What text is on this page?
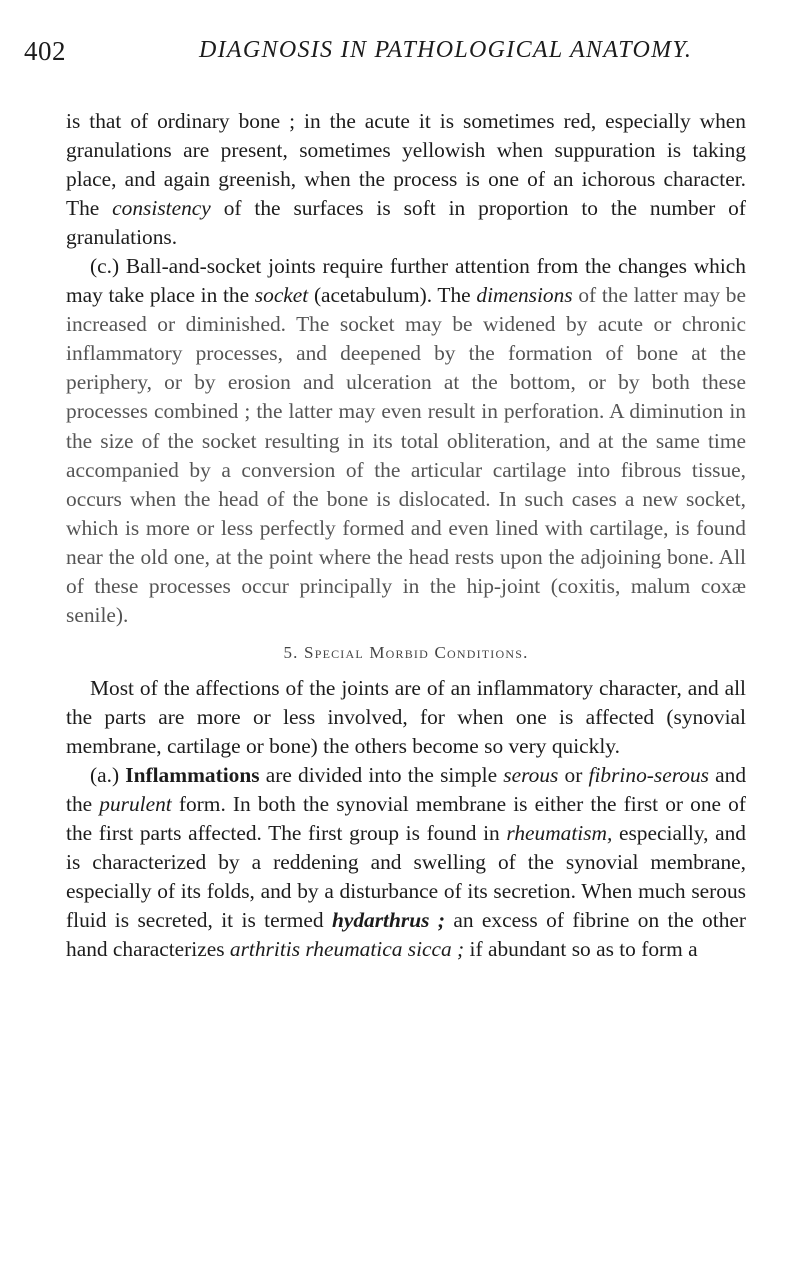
402	DIAGNOSIS IN PATHOLOGICAL ANATOMY.

is that of ordinary bone ; in the acute it is sometimes red, especially when granulations are present, sometimes yellowish when suppuration is taking place, and again greenish, when the process is one of an ichorous character. The consistency of the surfaces is soft in proportion to the number of granulations.

(c.) Ball-and-socket joints require further attention from the changes which may take place in the socket (acetabulum). The dimensions of the latter may be increased or diminished. The socket may be widened by acute or chronic inflammatory processes, and deepened by the formation of bone at the periphery, or by erosion and ulceration at the bottom, or by both these processes combined ; the latter may even result in perforation. A diminution in the size of the socket resulting in its total obliteration, and at the same time accompanied by a conversion of the articular cartilage into fibrous tissue, occurs when the head of the bone is dislocated. In such cases a new socket, which is more or less perfectly formed and even lined with cartilage, is found near the old one, at the point where the head rests upon the adjoining bone. All of these processes occur principally in the hip-joint (coxitis, malum coxæ senile).

5. Special Morbid Conditions.

Most of the affections of the joints are of an inflammatory character, and all the parts are more or less involved, for when one is affected (synovial membrane, cartilage or bone) the others become so very quickly.

(a.) Inflammations are divided into the simple serous or fibrino-serous and the purulent form. In both the synovial membrane is either the first or one of the first parts affected. The first group is found in rheumatism, especially, and is characterized by a reddening and swelling of the synovial membrane, especially of its folds, and by a disturbance of its secretion. When much serous fluid is secreted, it is termed hydarthrus ; an excess of fibrine on the other hand characterizes arthritis rheumatica sicca ; if abundant so as to form a
